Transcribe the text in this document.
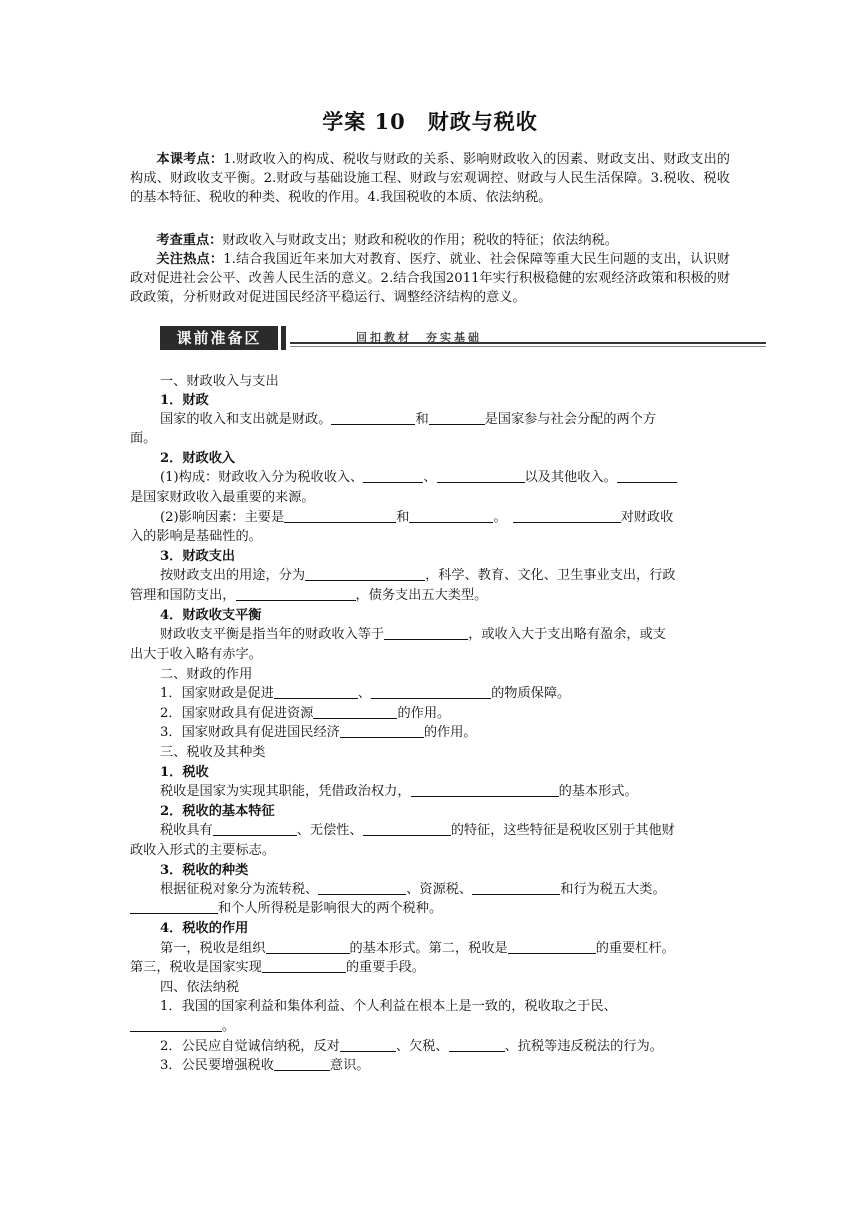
学案 10　财政与税收

本课考点：1.财政收入的构成、税收与财政的关系、影响财政收入的因素、财政支出、财政支出的构成、财政收支平衡。2.财政与基础设施工程、财政与宏观调控、财政与人民生活保障。3.税收、税收的基本特征、税收的种类、税收的作用。4.我国税收的本质、依法纳税。

考查重点：财政收入与财政支出；财政和税收的作用；税收的特征；依法纳税。

关注热点：1.结合我国近年来加大对教育、医疗、就业、社会保障等重大民生问题的支出，认识财政对促进社会公平、改善人民生活的意义。2.结合我国2011年实行积极稳健的宏观经济政策和积极的财政政策，分析财政对促进国民经济平稳运行、调整经济结构的意义。

课前准备区	回扣教材　夯实基础
一、财政收入与支出
1．财政
国家的收入和支出就是财政。	和	是国家参与社会分配的两个方
面。
2．财政收入
(1)构成：财政收入分为税收收入、	、	以及其他收入。
是国家财政收入最重要的来源。
(2)影响因素：主要是	和	。	对财政收
入的影响是基础性的。
3．财政支出
按财政支出的用途，分为	，科学、教育、文化、卫生事业支出，行政
管理和国防支出，	，债务支出五大类型。
4．财政收支平衡
财政收支平衡是指当年的财政收入等于	，或收入大于支出略有盈余，或支
出大于收入略有赤字。
二、财政的作用
1．国家财政是促进	、	的物质保障。
2．国家财政具有促进资源	的作用。
3．国家财政具有促进国民经济	的作用。
三、税收及其种类
1．税收
税收是国家为实现其职能，凭借政治权力，	的基本形式。
2．税收的基本特征
税收具有	、无偿性、	的特征，这些特征是税收区别于其他财
政收入形式的主要标志。
3．税收的种类
根据征税对象分为流转税、	、资源税、	和行为税五大类。
和个人所得税是影响很大的两个税种。
4．税收的作用
第一，税收是组织	的基本形式。第二，税收是	的重要杠杆。
第三，税收是国家实现	的重要手段。
四、依法纳税
1．我国的国家利益和集体利益、个人利益在根本上是一致的，税收取之于民、
。
2．公民应自觉诚信纳税，反对	、欠税、	、抗税等违反税法的行为。
3．公民要增强税收	意识。
